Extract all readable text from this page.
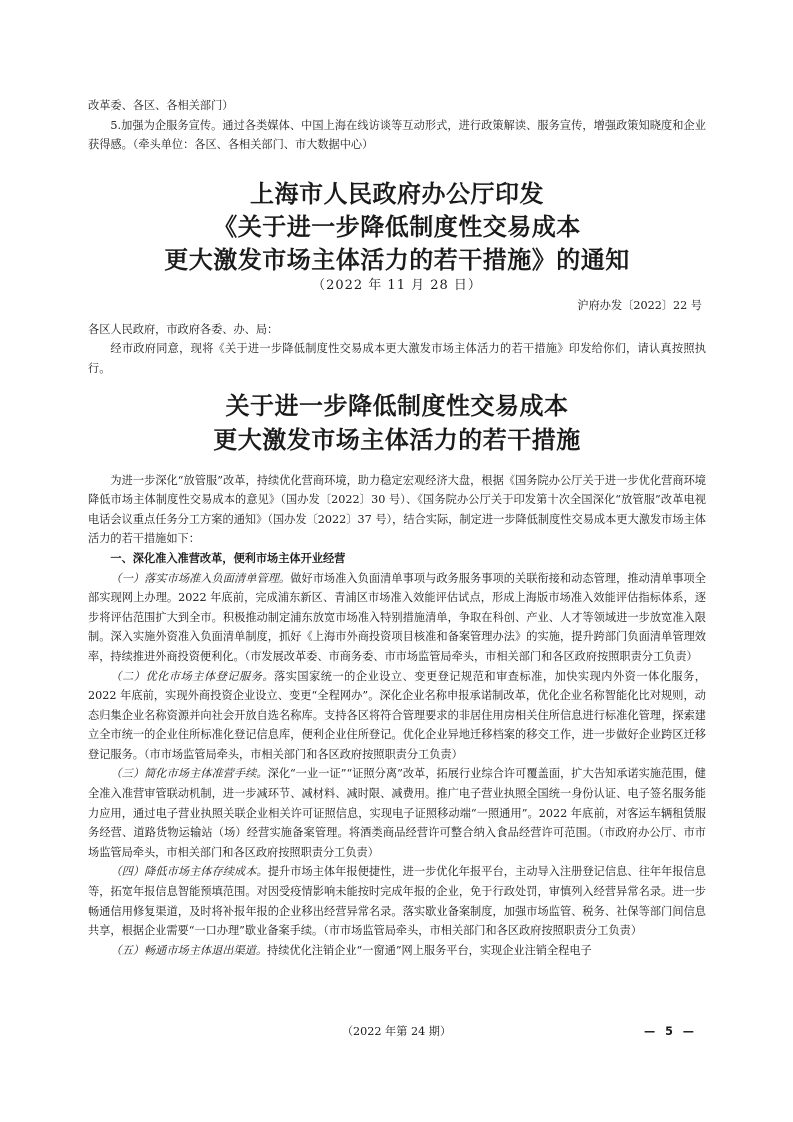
改革委、各区、各相关部门）

5.加强为企服务宣传。通过各类媒体、中国上海在线访谈等互动形式，进行政策解读、服务宣传，增强政策知晓度和企业获得感。（牵头单位：各区、各相关部门、市大数据中心）

上海市人民政府办公厅印发
《关于进一步降低制度性交易成本
更大激发市场主体活力的若干措施》的通知
（2022 年 11 月 28 日）
沪府办发〔2022〕22 号

各区人民政府，市政府各委、办、局：

经市政府同意，现将《关于进一步降低制度性交易成本更大激发市场主体活力的若干措施》印发给你们，请认真按照执行。

关于进一步降低制度性交易成本
更大激发市场主体活力的若干措施

为进一步深化“放管服”改革，持续优化营商环境，助力稳定宏观经济大盘，根据《国务院办公厅关于进一步优化营商环境降低市场主体制度性交易成本的意见》（国办发〔2022〕30 号）、《国务院办公厅关于印发第十次全国深化“放管服”改革电视电话会议重点任务分工方案的通知》（国办发〔2022〕37 号），结合实际，制定进一步降低制度性交易成本更大激发市场主体活力的若干措施如下：

一、深化准入准营改革，便利市场主体开业经营

（一）落实市场准入负面清单管理。做好市场准入负面清单事项与政务服务事项的关联衔接和动态管理，推动清单事项全部实现网上办理。2022 年底前，完成浦东新区、青浦区市场准入效能评估试点，形成上海版市场准入效能评估指标体系，逐步将评估范围扩大到全市。积极推动制定浦东放宽市场准入特别措施清单，争取在科创、产业、人才等领域进一步放宽准入限制。深入实施外资准入负面清单制度，抓好《上海市外商投资项目核准和备案管理办法》的实施，提升跨部门负面清单管理效率，持续推进外商投资便利化。（市发展改革委、市商务委、市市场监管局牵头，市相关部门和各区政府按照职责分工负责）

（二）优化市场主体登记服务。落实国家统一的企业设立、变更登记规范和审查标准，加快实现内外资一体化服务，2022 年底前，实现外商投资企业设立、变更“全程网办”。深化企业名称申报承诺制改革，优化企业名称智能化比对规则，动态归集企业名称资源并向社会开放自选名称库。支持各区将符合管理要求的非居住用房相关住所信息进行标准化管理，探索建立全市统一的企业住所标准化登记信息库，便利企业住所登记。优化企业异地迁移档案的移交工作，进一步做好企业跨区迁移登记服务。（市市场监管局牵头，市相关部门和各区政府按照职责分工负责）

（三）简化市场主体准营手续。深化“一业一证”“证照分离”改革，拓展行业综合许可覆盖面，扩大告知承诺实施范围，健全准入准营审管联动机制，进一步减环节、减材料、减时限、减费用。推广电子营业执照全国统一身份认证、电子签名服务能力应用，通过电子营业执照关联企业相关许可证照信息，实现电子证照移动端“一照通用”。2022 年底前，对客运车辆租赁服务经营、道路货物运输站（场）经营实施备案管理。将酒类商品经营许可整合纳入食品经营许可范围。（市政府办公厅、市市场监管局牵头，市相关部门和各区政府按照职责分工负责）

（四）降低市场主体存续成本。提升市场主体年报便捷性，进一步优化年报平台，主动导入注册登记信息、往年年报信息等，拓宽年报信息智能预填范围。对因受疫情影响未能按时完成年报的企业，免于行政处罚，审慎列入经营异常名录。进一步畅通信用修复渠道，及时将补报年报的企业移出经营异常名录。落实歇业备案制度，加强市场监管、税务、社保等部门间信息共享，根据企业需要“一口办理”歇业备案手续。（市市场监管局牵头，市相关部门和各区政府按照职责分工负责）

（五）畅通市场主体退出渠道。持续优化注销企业“一窗通”网上服务平台，实现企业注销全程电子

（2022 年第 24 期）	— 5 —
